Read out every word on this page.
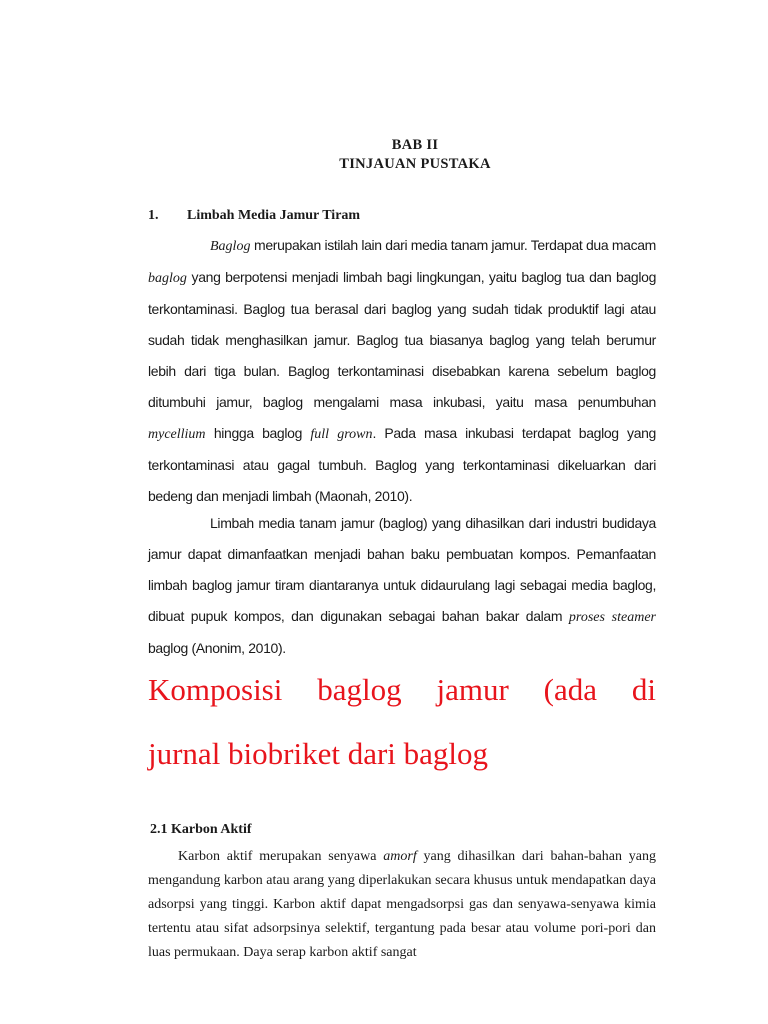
BAB II
TINJAUAN PUSTAKA
1. Limbah Media Jamur Tiram

Baglog merupakan istilah lain dari media tanam jamur. Terdapat dua macam baglog yang berpotensi menjadi limbah bagi lingkungan, yaitu baglog tua dan baglog terkontaminasi. Baglog tua berasal dari baglog yang sudah tidak produktif lagi atau sudah tidak menghasilkan jamur. Baglog tua biasanya baglog yang telah berumur lebih dari tiga bulan. Baglog terkontaminasi disebabkan karena sebelum baglog ditumbuhi jamur, baglog mengalami masa inkubasi, yaitu masa penumbuhan mycellium hingga baglog full grown. Pada masa inkubasi terdapat baglog yang terkontaminasi atau gagal tumbuh. Baglog yang terkontaminasi dikeluarkan dari bedeng dan menjadi limbah (Maonah, 2010).

Limbah media tanam jamur (baglog) yang dihasilkan dari industri budidaya jamur dapat dimanfaatkan menjadi bahan baku pembuatan kompos. Pemanfaatan limbah baglog jamur tiram diantaranya untuk didaurulang lagi sebagai media baglog, dibuat pupuk kompos, dan digunakan sebagai bahan bakar dalam proses steamer baglog (Anonim, 2010).

Komposisi baglog jamur (ada di

jurnal biobriket dari baglog

2.1 Karbon Aktif

Karbon aktif merupakan senyawa amorf yang dihasilkan dari bahan-bahan yang mengandung karbon atau arang yang diperlakukan secara khusus untuk mendapatkan daya adsorpsi yang tinggi. Karbon aktif dapat mengadsorpsi gas dan senyawa-senyawa kimia tertentu atau sifat adsorpsinya selektif, tergantung pada besar atau volume pori-pori dan luas permukaan. Daya serap karbon aktif sangat
